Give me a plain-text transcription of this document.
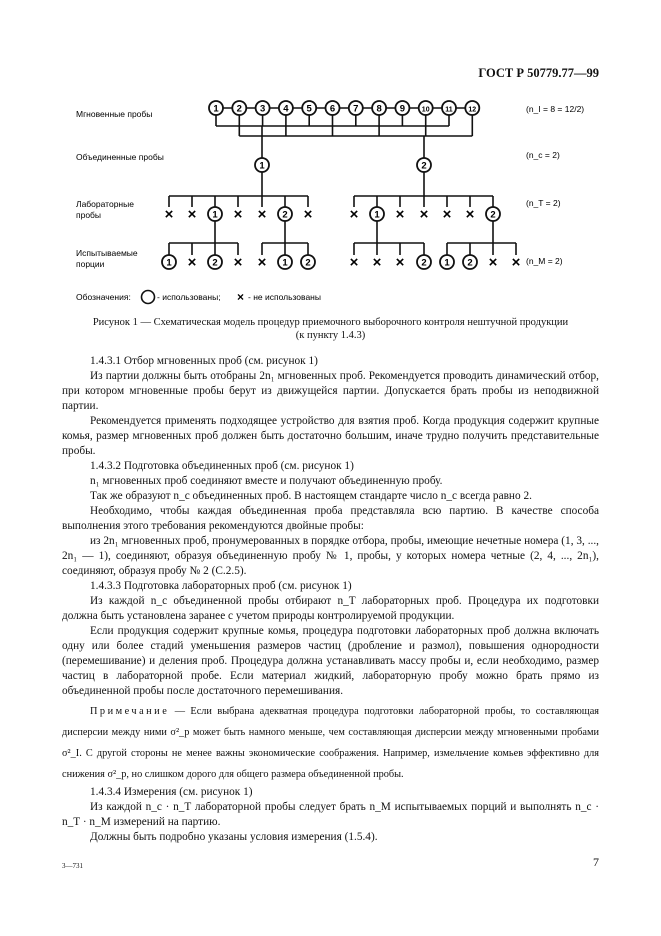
ГОСТ Р 50779.77—99
1 2 3 4 5 6 7 8 9 10 11 12
1	2
× × 1 × × 2 × × 1 × × × × 2
1 × 2	× 1 2	× × × 2 1 2 ×
×	×
Мгновенные пробы
Объединенные пробы
Лабораторные
пробы
Испытываемые
порции
(n_I = 8 = 12/2)
(n_c = 2)
(n_T = 2)
(n_M = 2)
Обозначения:	- использованы; × - не использованы
Рисунок 1 — Схематическая модель процедур приемочного выборочного контроля нештучной продукции
(к пункту 1.4.3)

1.4.3.1 Отбор мгновенных проб (см. рисунок 1)

Из партии должны быть отобраны 2n₁ мгновенных проб. Рекомендуется проводить динамический отбор, при котором мгновенные пробы берут из движущейся партии. Допускается брать пробы из неподвижной партии.

Рекомендуется применять подходящее устройство для взятия проб. Когда продукция содержит крупные комья, размер мгновенных проб должен быть достаточно большим, иначе трудно получить представительные пробы.

1.4.3.2 Подготовка объединенных проб (см. рисунок 1)

n₁ мгновенных проб соединяют вместе и получают объединенную пробу.

Так же образуют n_c объединенных проб. В настоящем стандарте число n_c всегда равно 2.

Необходимо, чтобы каждая объединенная проба представляла всю партию. В качестве способа выполнения этого требования рекомендуются двойные пробы:

из 2n₁ мгновенных проб, пронумерованных в порядке отбора, пробы, имеющие нечетные номера (1, 3, ..., 2n₁ — 1), соединяют, образуя объединенную пробу № 1, пробы, у которых номера четные (2, 4, ..., 2n₁), соединяют, образуя пробу № 2 (С.2.5).

1.4.3.3 Подготовка лабораторных проб (см. рисунок 1)

Из каждой n_c объединенной пробы отбирают n_T лабораторных проб. Процедура их подготовки должна быть установлена заранее с учетом природы контролируемой продукции.

Если продукция содержит крупные комья, процедура подготовки лабораторных проб должна включать одну или более стадий уменьшения размеров частиц (дробление и размол), повышения однородности (перемешивание) и деления проб. Процедура должна устанавливать массу пробы и, если необходимо, размер частиц в лабораторной пробе. Если материал жидкий, лабораторную пробу можно брать прямо из объединенной пробы после достаточного перемешивания.

Примечание — Если выбрана адекватная процедура подготовки лабораторной пробы, то составляющая дисперсии между ними σ²_p может быть намного меньше, чем составляющая дисперсии между мгновенными пробами σ²_I. С другой стороны не менее важны экономические соображения. Например, измельчение комьев эффективно для снижения σ²_p, но слишком дорого для общего размера объединенной пробы.

1.4.3.4 Измерения (см. рисунок 1)

Из каждой n_c · n_T лабораторной пробы следует брать n_M испытываемых порций и выполнять n_c · n_T · n_M измерений на партию.

Должны быть подробно указаны условия измерения (1.5.4).

3—731	7
